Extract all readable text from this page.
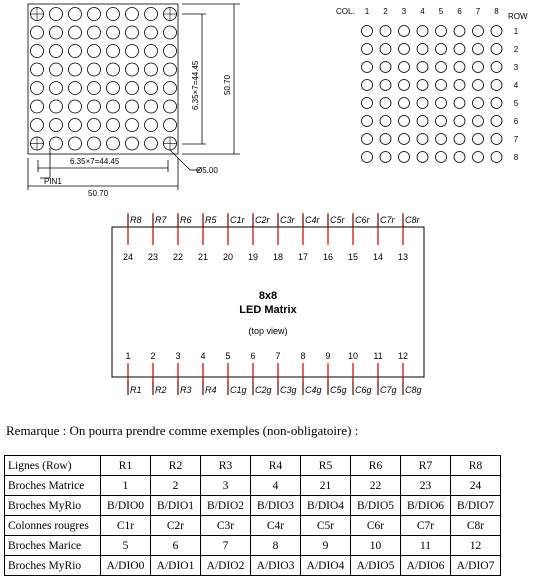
PIN1
50.70
6.35×7=44.45
6.35×7=44.45	50.70
Ø5.00
COL.
ROW
1 2 3 4 5 6 7 8
1
2
3
4
5
6
7
8
R8
24
R7
23
R6
22
R5
21
C1r
20
C2r
19
C3r
18
C4r
17
C5r
16
C6r
15
C7r
14
C8r
13
1
R1
2
R2
3
R3
4
R4
5
C1g
6
C2g
7
C3g
8
C4g
9
C5g
10
C6g
11
C7g
12
C8g
8x8
LED Matrix
(top view)
Remarque : On pourra prendre comme exemples (non-obligatoire) :
Lignes (Row)	R1	R2	R3	R4	R5	R6	R7	R8
Broches Matrice	1	2	3	4	21	22	23	24
Broches MyRio	B/DIO0	B/DIO1	B/DIO2	B/DIO3	B/DIO4	B/DIO5	B/DIO6	B/DIO7
Colonnes rougres	C1r	C2r	C3r	C4r	C5r	C6r	C7r	C8r
Broches Marice	5	6	7	8	9	10	11	12
Broches MyRio	A/DIO0	A/DIO1	A/DIO2	A/DIO3	A/DIO4	A/DIO5	A/DIO6	A/DIO7
